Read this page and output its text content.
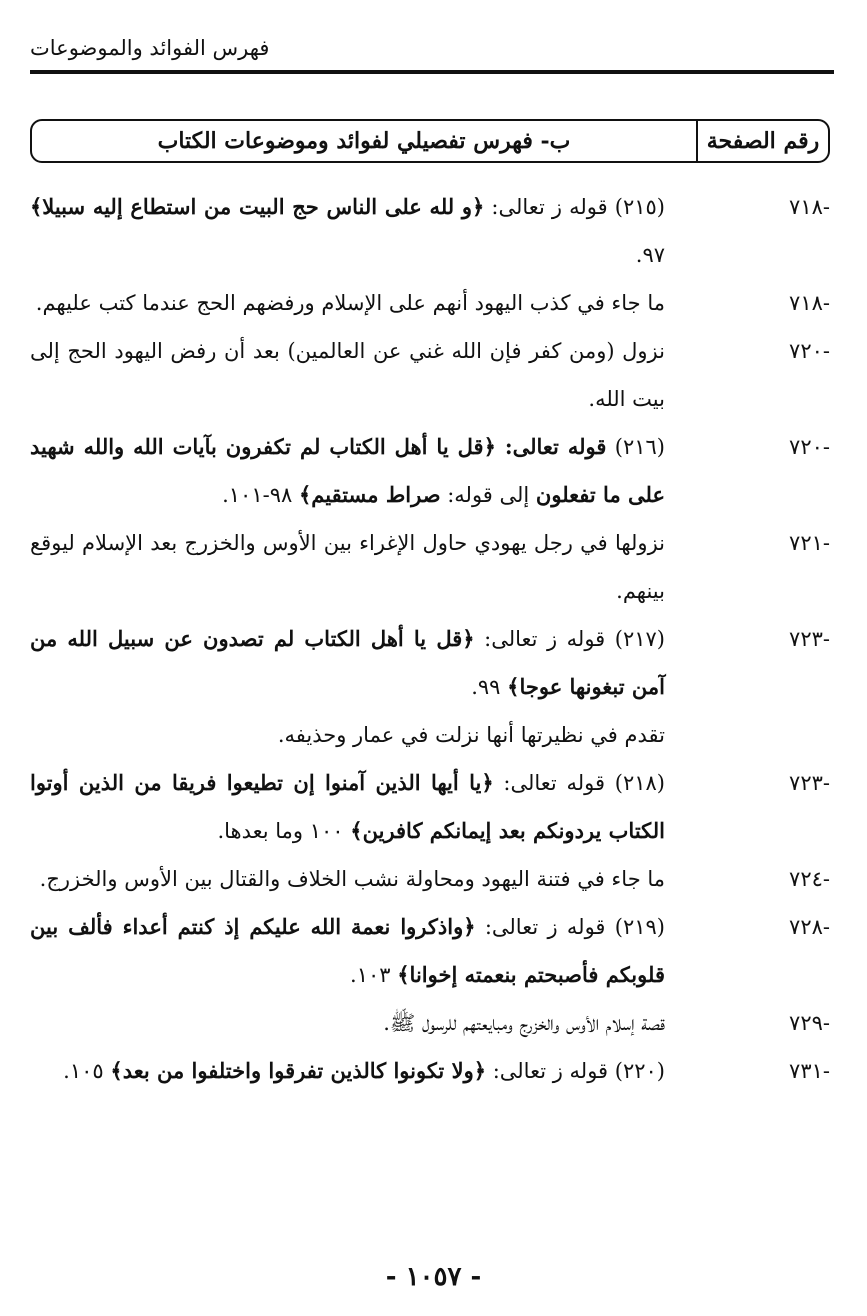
فهرس الفوائد والموضوعات
رقم الصفحة
ب- فهرس تفصيلي لفوائد وموضوعات الكتاب
-٧١٨
(٢١٥) قوله ز تعالى: ﴿و لله على الناس حج البيت من استطاع إليه سبيلا﴾ ٩٧.
-٧١٨
ما جاء في كذب اليهود أنهم على الإسلام ورفضهم الحج عندما كتب عليهم.
-٧٢٠
نزول (ومن كفر فإن الله غني عن العالمين) بعد أن رفض اليهود الحج إلى بيت الله.
-٧٢٠
(٢١٦) قوله تعالى: ﴿قل يا أهل الكتاب لم تكفرون بآيات الله والله شهيد على ما تفعلون إلى قوله: صراط مستقيم﴾ ٩٨-١٠١.
-٧٢١
نزولها في رجل يهودي حاول الإغراء بين الأوس والخزرج بعد الإسلام ليوقع بينهم.
-٧٢٣
(٢١٧) قوله ز تعالى: ﴿قل يا أهل الكتاب لم تصدون عن سبيل الله من آمن تبغونها عوجا﴾ ٩٩.
تقدم في نظيرتها أنها نزلت في عمار وحذيفه.
-٧٢٣
(٢١٨) قوله تعالى: ﴿يا أيها الذين آمنوا إن تطيعوا فريقا من الذين أوتوا الكتاب يردونكم بعد إيمانكم كافرين﴾ ١٠٠ وما بعدها.
-٧٢٤
ما جاء في فتنة اليهود ومحاولة نشب الخلاف والقتال بين الأوس والخزرج.
-٧٢٨
(٢١٩) قوله ز تعالى: ﴿واذكروا نعمة الله عليكم إذ كنتم أعداء فألف بين قلوبكم فأصبحتم بنعمته إخوانا﴾ ١٠٣.
-٧٢٩
قصة إسلام الأوس والخزرج ومبايعتهم للرسول ﷺ.
-٧٣١
(٢٢٠) قوله ز تعالى: ﴿ولا تكونوا كالذين تفرقوا واختلفوا من بعد﴾ ١٠٥.
- ١٠٥٧ -
